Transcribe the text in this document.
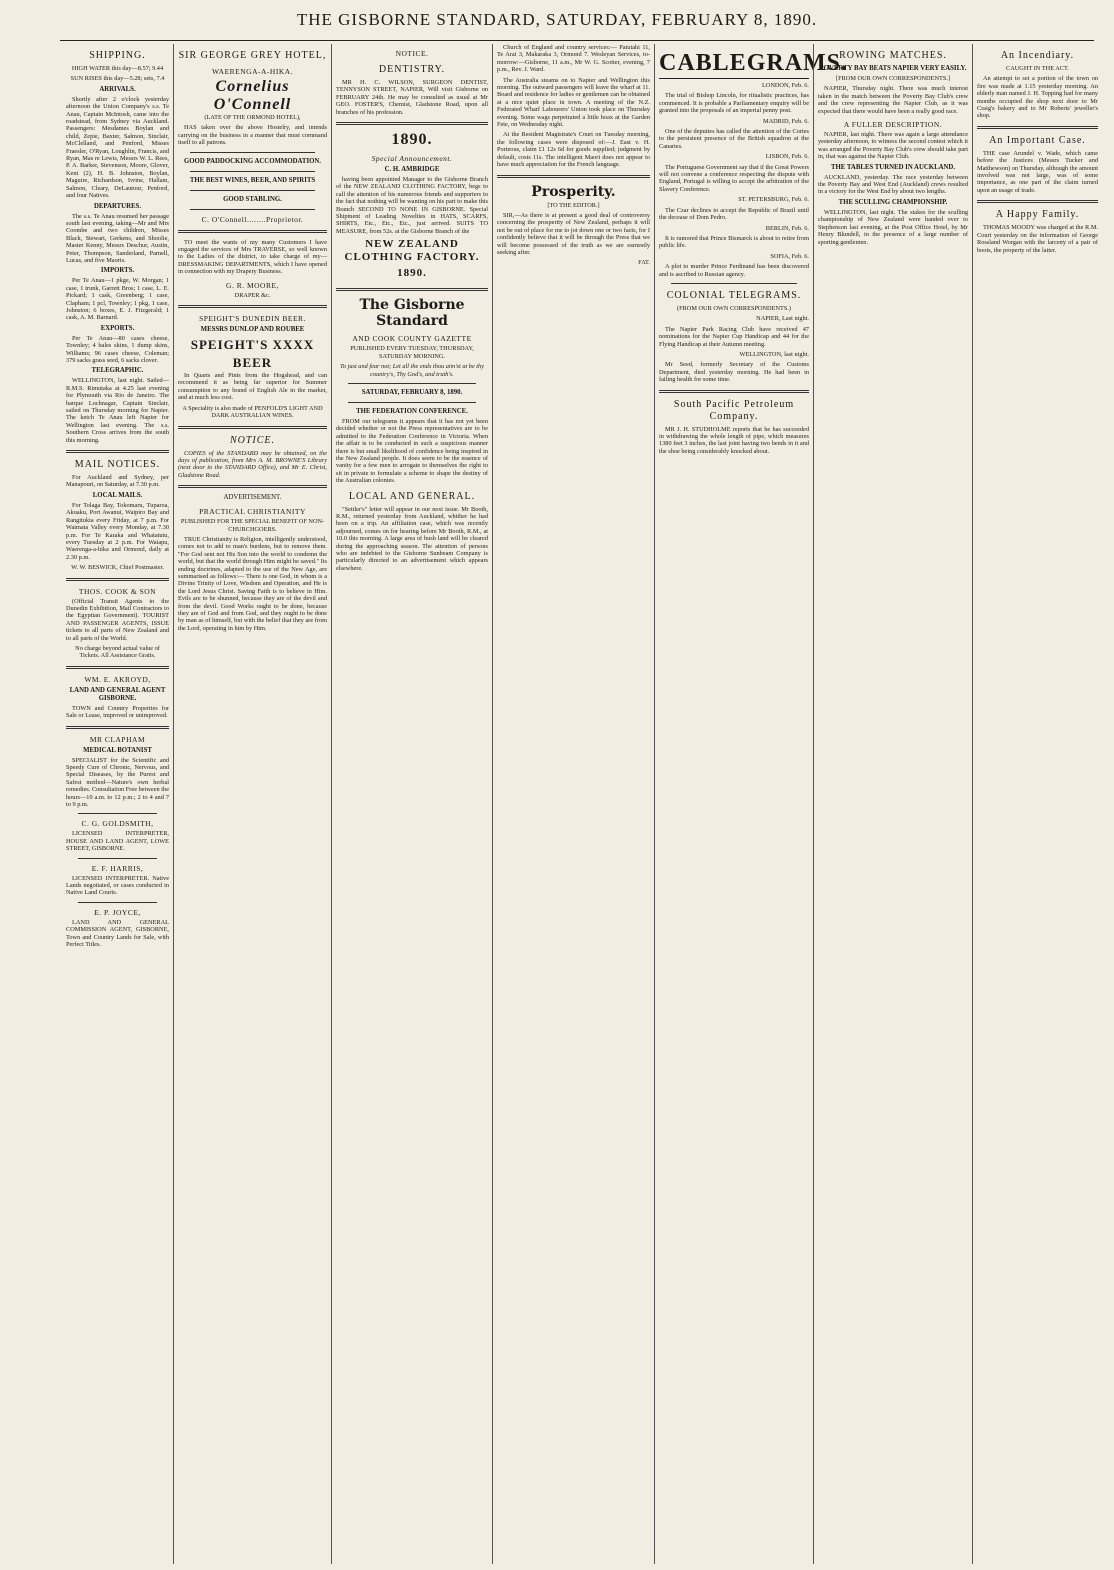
THE GISBORNE STANDARD, SATURDAY, FEBRUARY 8, 1890.
SHIPPING.

HIGH WATER this day—8.57; 9.44

SUN RISES this day—5.28; sets, 7.4

ARRIVALS.

Shortly after 2 o'clock yesterday afternoon the Union Company's s.s. Te Anau, Captain McIntosh, came into the roadstead, from Sydney via Auckland. Passengers: Mesdames Boylan and child, Zepie, Baxter, Salmon, Sinclair, McClelland, and Penford, Misses Fraesler, O'Ryan, Loughlin, Francis, and Ryan, Mas re Lewis, Messrs W. L. Rees, P. A. Barker, Stevenson, Moore, Glover, Kent (2), H. B. Johnston, Boylan, Maguire, Richardson, Ivrine, Hallam, Salmon, Cleary, DeLautour, Penford, and four Natives.

DEPARTURES.

The s.s. Te Anau resumed her passage south last evening, taking—Mr and Mrs Coombe and two children, Misses Black, Stewart, Gerkens, and Shoolie, Master Kenny, Messrs Deschur, Austin, Peter, Thompson, Sanderland, Parnell, Lucas, and five Maoris.

IMPORTS.

Per Te Anau—1 pkge, W. Morgan; 1 case, 1 trunk, Garrett Bros; 1 case, L. E. Pickard; 1 cask, Greenberg; 1 case, Clapham; 1 pcl, Townley; 1 pkg, 1 case, Johnston; 6 boxes, E. J. Fitzgerald; 1 cask, A. M. Barnard.

EXPORTS.

Per Te Anau—80 cases cheese, Townley; 4 bales skins, 1 dump skins, Williams; 96 cases cheese, Coleman; 379 sacks grass seed, 6 sacks clover.

TELEGRAPHIC.

WELLINGTON, last night. Sailed—R.M.S. Rimutaka at 4.25 last evening for Plymouth via Rio de Janeiro. The barque Lochnagar, Captain Sinclair, sailed on Thursday morning for Napier. The ketch Te Anau left Napier for Wellington last evening. The s.s. Southern Cross arrives from the south this morning.

MAIL NOTICES.

For Auckland and Sydney, per Manapouri, on Saturday, at 7.30 p.m.

LOCAL MAILS.

For Tolaga Bay, Tokomaru, Tuparoa, Akuaku, Port Awanui, Waipiro Bay and Rangitukia every Friday, at 7 p.m. For Waimata Valley every Monday, at 7.30 p.m. For Te Karaka and Whatatutu, every Tuesday at 2 p.m. For Waiapu, Waerenga-a-hika and Ormond, daily at 2.30 p.m.

W. W. BESWICK, Chief Postmaster.

THOS. COOK & SON

(Official Transit Agents to the Dunedin Exhibition, Mail Contractors to the Egyptian Government). TOURIST AND PASSENGER AGENTS, ISSUE tickets to all parts of New Zealand and to all parts of the World.

No charge beyond actual value of Tickets. All Assistance Gratis.

WM. E. AKROYD,
LAND AND GENERAL AGENT GISBORNE.

TOWN and Country Properties for Sale or Lease, improved or unimproved.

MR CLAPHAM
MEDICAL BOTANIST

SPECIALIST for the Scientific and Speedy Cure of Chronic, Nervous, and Special Diseases, by the Purest and Safest method—Nature's own herbal remedies. Consultation Free between the hours—10 a.m. to 12 p.m.; 2 to 4 and 7 to 9 p.m.

C. G. GOLDSMITH,

LICENSED INTERPRETER, HOUSE AND LAND AGENT, LOWE STREET, GISBORNE.

E. F. HARRIS,

LICENSED INTERPRETER. Native Lands negotiated, or cases conducted in Native Land Courts.

E. P. JOYCE,

LAND AND GENERAL COMMISSION AGENT, GISBORNE, Town and Country Lands for Sale, with Perfect Titles.

SIR GEORGE GREY HOTEL,
WAERENGA-A-HIKA.
Cornelius O'Connell

(LATE OF THE ORMOND HOTEL),

HAS taken over the above Hostelry, and intends carrying on the business in a manner that must command itself to all patrons.

GOOD PADDOCKING ACCOMMODATION.
THE BEST WINES, BEER, AND SPIRITS
GOOD STABLING.
C. O'Connell........Proprietor.

TO meet the wants of my many Customers I have engaged the services of Mrs TRAVERSE, so well known to the Ladies of the district, to take charge of my— DRESSMAKING DEPARTMENTS, which I have opened in connection with my Drapery Business.

G. R. MOORE,

DRAPER &c.

SPEIGHT'S DUNEDIN BEER.
MESSRS DUNLOP AND ROUBEE
SPEIGHT'S XXXX BEER

In Quarts and Pints from the Hogshead, and can recommend it as being far superior for Summer consumption to any brand of English Ale in the market, and at much less cost.

A Speciality is also made of PENFOLD'S LIGHT AND DARK AUSTRALIAN WINES.

NOTICE.

COPIES of the STANDARD may be obtained, on the days of publication, from Mrs A. M. BROWNE'S Library (next door to the STANDARD Office), and Mr E. Christ, Gladstone Road.

ADVERTISEMENT.
PRACTICAL CHRISTIANITY

PUBLISHED FOR THE SPECIAL BENEFIT OF NON-CHURCHGOERS.

TRUE Christianity is Religion, intelligently understood, comes not to add to man's burdens, but to remove them. "For God sent not His Son into the world to condemn the world, but that the world through Him might be saved." Its ending doctrines, adapted to the use of the New Age, are summarised as follows:— There is one God, in whom is a Divine Trinity of Love, Wisdom and Operation, and He is the Lord Jesus Christ. Saving Faith is to believe in Him. Evils are to be shunned, because they are of the devil and from the devil. Good Works ought to be done, because they are of God and from God, and they ought to be done by man as of himself, but with the belief that they are from the Lord, operating in him by Him.

NOTICE.
DENTISTRY.

MR H. C. WILSON, SURGEON DENTIST, TENNYSON STREET, NAPIER, Will visit Gisborne on FEBRUARY 24th. He may be consulted as usual at Mr GEO. FOSTER'S, Chemist, Gladstone Road, upon all branches of his profession.

1890.
Special Announcement.
C. H. AMBRIDGE

having been appointed Manager to the Gisborne Branch of the NEW ZEALAND CLOTHING FACTORY, begs to call the attention of his numerous friends and supporters to the fact that nothing will be wanting on his part to make this Branch SECOND TO NONE IN GISBORNE. Special Shipment of Leading Novelties in HATS, SCARFS, SHIRTS, Etc., Etc., Etc., just arrived. SUITS TO MEASURE, from 52s. at the Gisborne Branch of the

NEW ZEALAND CLOTHING FACTORY.
1890.
The Gisborne Standard
AND COOK COUNTY GAZETTE

PUBLISHED EVERY TUESDAY, THURSDAY, SATURDAY MORNING.

To just and fear not; Let all the ends thou aim'st at be thy country's, Thy God's, and truth's.

SATURDAY, FEBRUARY 8, 1890.
THE FEDERATION CONFERENCE.

FROM our telegrams it appears that it has not yet been decided whether or not the Press representatives are to be admitted to the Federation Conference in Victoria. When the affair is to be conducted in such a suspicious manner there is but small likelihood of confidence being inspired in the New Zealand people. It does seem to be the essence of vanity for a few men to arrogate to themselves the right to sit in private to formulate a scheme to shape the destiny of the Australian colonies.

LOCAL AND GENERAL.

"Settler's" letter will appear in our next issue. Mr Booth, R.M., returned yesterday from Auckland, whither he had been on a trip. An affiliation case, which was recently adjourned, comes on for hearing before Mr Booth, R.M., at 10.0 this morning. A large area of bush land will be cleared during the approaching season. The attention of persons who are indebted to the Gisborne Sunbeam Company is particularly directed to an advertisement which appears elsewhere.

Church of England and country services:— Patutahi 11, Te Arai 3, Makaraka 3, Ormond 7. Wesleyan Services, to-morrow:—Gisborne, 11 a.m., Mr W. G. Scotter, evening, 7 p.m., Rev. J. Ward.

The Australia steams on to Napier and Wellington this morning. The outward passengers will leave the wharf at 11. Board and residence for ladies or gentlemen can be obtained at a nice quiet place in town. A meeting of the N.Z. Federated Wharf Labourers' Union took place on Thursday evening. Some wags perpetrated a little hoax at the Garden Fete, on Wednesday night.

At the Resident Magistrate's Court on Tuesday morning, the following cases were disposed of:—J. East v. H. Porteous, claim £1 12s 6d for goods supplied; judgment by default, costs 11s. The intelligent Maori does not appear to have much appreciation for the French language.

Prosperity.

[TO THE EDITOR.]

SIR,—As there is at present a good deal of controversy concerning the prosperity of New Zealand, perhaps it will not be out of place for me to jot down one or two facts, for I confidently believe that it will be through the Press that we will become possessed of the truth as we are earnestly seeking after.

FAT.

CABLEGRAMS.

LONDON, Feb. 6.

The trial of Bishop Lincoln, for ritualistic practices, has commenced. It is probable a Parliamentary enquiry will be granted into the proposals of an imperial penny post.

MADRID, Feb. 6.

One of the deputies has called the attention of the Cortes to the persistent presence of the British squadron at the Canaries.

LISBON, Feb. 6.

The Portuguese Government say that if the Great Powers will not convene a conference respecting the dispute with England, Portugal is willing to accept the arbitration of the Slavery Conference.

ST. PETERSBURG, Feb. 6.

The Czar declines to accept the Republic of Brazil until the decease of Dom Pedro.

BERLIN, Feb. 6.

It is rumored that Prince Bismarck is about to retire from public life.

SOFIA, Feb. 6.

A plot to murder Prince Ferdinand has been discovered and is ascribed to Russian agency.

COLONIAL TELEGRAMS.

(FROM OUR OWN CORRESPONDENTS.)

NAPIER, Last night.

The Napier Park Racing Club have received 47 nominations for the Napier Cup Handicap and 44 for the Flying Handicap at their Autumn meeting.

WELLINGTON, last night.

Mr Seed, formerly Secretary of the Customs Department, died yesterday morning. He had been in failing health for some time.

South Pacific Petroleum Company.

MR J. H. STUDHOLME reports that he has succeeded in withdrawing the whole length of pipe, which measures 1380 feet 3 inches, the last joint having two bends in it and the shoe being considerably knocked about.

ROWING MATCHES.
POVERTY BAY BEATS NAPIER VERY EASILY.

[FROM OUR OWN CORRESPONDENTS.]

NAPIER, Thursday night. There was much interest taken in the match between the Poverty Bay Club's crew and the crew representing the Napier Club, as it was expected that there would have been a really good race.

A FULLER DESCRIPTION.

NAPIER, last night. There was again a large attendance yesterday afternoon, to witness the second contest which it was arranged the Poverty Bay Club's crew should take part in, that was against the Napier Club.

THE TABLES TURNED IN AUCKLAND.

AUCKLAND, yesterday. The race yesterday between the Poverty Bay and West End (Auckland) crews resulted in a victory for the West End by about two lengths.

THE SCULLING CHAMPIONSHIP.

WELLINGTON, last night. The stakes for the sculling championship of New Zealand were handed over to Stephenson last evening, at the Post Office Hotel, by Mr Henry Blundell, in the presence of a large number of sporting gentlemen.

An Incendiary.

CAUGHT IN THE ACT.

An attempt to set a portion of the town on fire was made at 1.15 yesterday morning. An elderly man named J. H. Topping had for many months occupied the shop next door to Mr Craig's bakery and to Mr Roberts' jeweller's shop.

An Important Case.

THE case Arundel v. Wade, which came before the Justices (Messrs Tucker and Matthewson) on Thursday, although the amount involved was not large, was of some importance, as one part of the claim turned upon an usage of trade.

A Happy Family.

THOMAS MOODY was charged at the R.M. Court yesterday on the information of George Rossland Worgan with the larceny of a pair of boots, the property of the latter.
